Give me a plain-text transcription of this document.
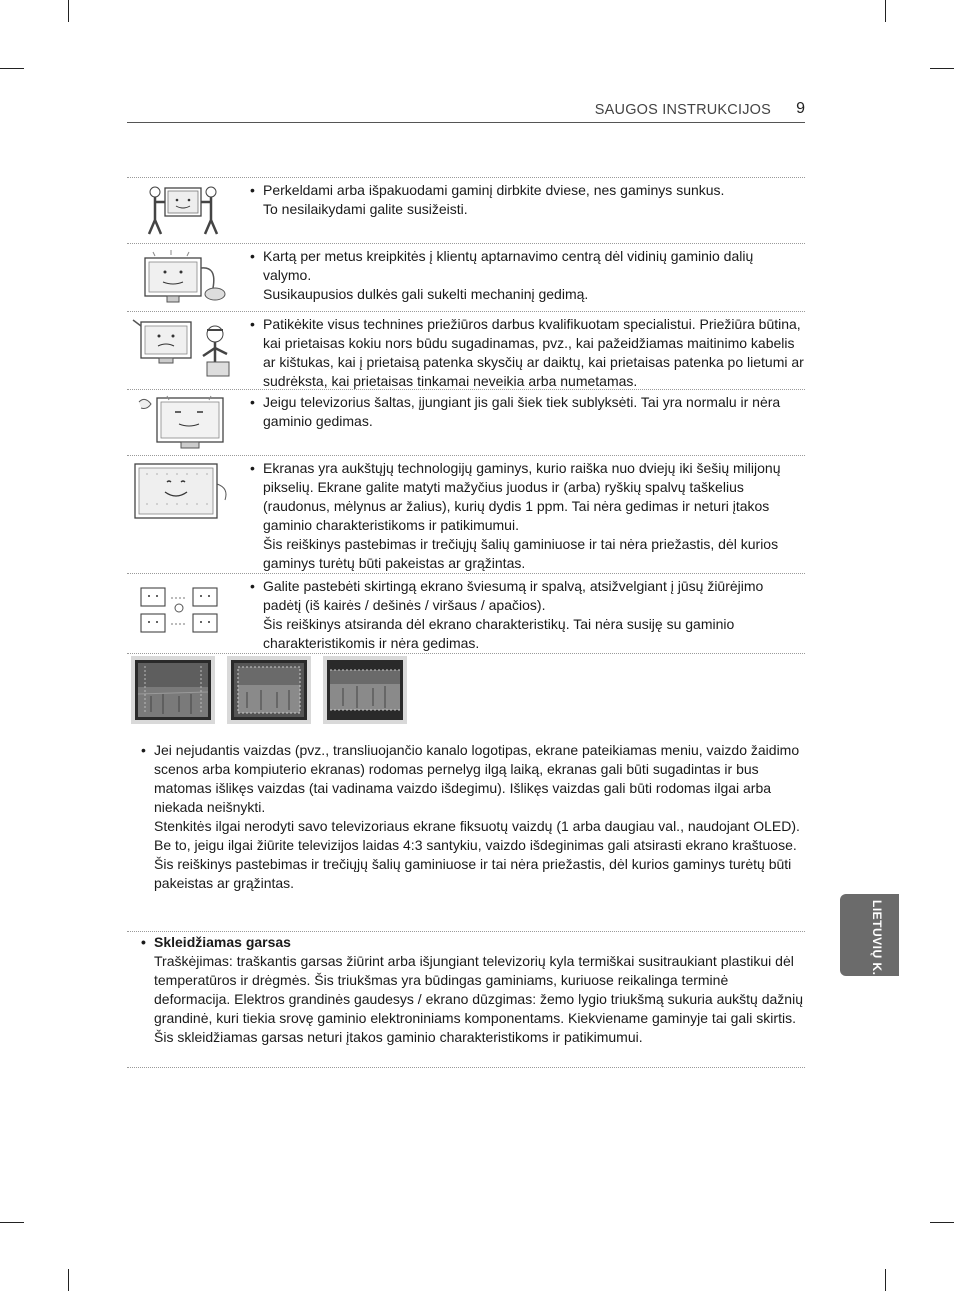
SAUGOS INSTRUKCIJOS 9
• Perkeldami arba išpakuodami gaminį dirbkite dviese, nes gaminys sunkus.

To nesilaikydami galite susižeisti.

• Kartą per metus kreipkitės į klientų aptarnavimo centrą dėl vidinių gaminio dalių valymo.

Susikaupusios dulkės gali sukelti mechaninį gedimą.

• Patikėkite visus technines priežiūros darbus kvalifikuotam specialistui. Priežiūra būtina, kai prietaisas kokiu nors būdu sugadinamas, pvz., kai pažeidžiamas maitinimo kabelis ar kištukas, kai į prietaisą patenka skysčių ar daiktų, kai prietaisas patenka po lietumi ar sudrėksta, kai prietaisas tinkamai neveikia arba numetamas.

• Jeigu televizorius šaltas, įjungiant jis gali šiek tiek sublyksėti. Tai yra normalu ir nėra gaminio gedimas.

• Ekranas yra aukštųjų technologijų gaminys, kurio raiška nuo dviejų iki šešių milijonų pikselių. Ekrane galite matyti mažyčius juodus ir (arba) ryškių spalvų taškelius (raudonus, mėlynus ar žalius), kurių dydis 1 ppm. Tai nėra gedimas ir neturi įtakos gaminio charakteristikoms ir patikimumui.

Šis reiškinys pastebimas ir trečiųjų šalių gaminiuose ir tai nėra priežastis, dėl kurios gaminys turėtų būti pakeistas ar grąžintas.

• Galite pastebėti skirtingą ekrano šviesumą ir spalvą, atsižvelgiant į jūsų žiūrėjimo padėtį (iš kairės / dešinės / viršaus / apačios).

Šis reiškinys atsiranda dėl ekrano charakteristikų. Tai nėra susiję su gaminio charakteristikomis ir nėra gedimas.

• Jei nejudantis vaizdas (pvz., transliuojančio kanalo logotipas, ekrane pateikiamas meniu, vaizdo žaidimo scenos arba kompiuterio ekranas) rodomas pernelyg ilgą laiką, ekranas gali būti sugadintas ir bus matomas išlikęs vaizdas (tai vadinama vaizdo išdegimu). Išlikęs vaizdas gali būti rodomas ilgai arba niekada neišnykti.

Stenkitės ilgai nerodyti savo televizoriaus ekrane fiksuotų vaizdų (1 arba daugiau val., naudojant OLED).

Be to, jeigu ilgai žiūrite televizijos laidas 4:3 santykiu, vaizdo išdeginimas gali atsirasti ekrano kraštuose.

Šis reiškinys pastebimas ir trečiųjų šalių gaminiuose ir tai nėra priežastis, dėl kurios gaminys turėtų būti pakeistas ar grąžintas.

• Skleidžiamas garsas

Traškėjimas: traškantis garsas žiūrint arba išjungiant televizorių kyla termiškai susitraukiant plastikui dėl temperatūros ir drėgmės. Šis triukšmas yra būdingas gaminiams, kuriuose reikalinga terminė deformacija. Elektros grandinės gaudesys / ekrano dūzgimas: žemo lygio triukšmą sukuria aukštų dažnių grandinė, kuri tiekia srovę gaminio elektroniniams komponentams. Kiekviename gaminyje tai gali skirtis.

Šis skleidžiamas garsas neturi įtakos gaminio charakteristikoms ir patikimumui.

LIETUVIŲ K.
